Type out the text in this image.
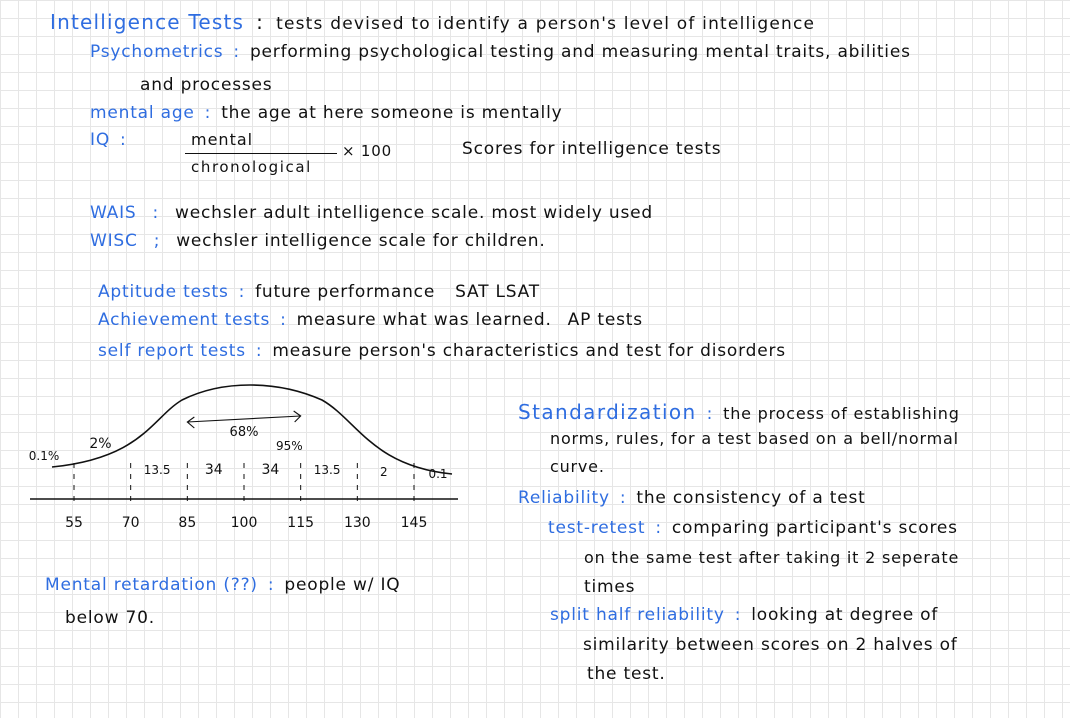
Intelligence Tests : tests devised to identify a person's level of intelligence
Psychometrics : performing psychological testing and measuring mental traits, abilities
and processes
mental age : the age at here someone is mentally
IQ :	mental
chronological
× 100	Scores for intelligence tests
WAIS : wechsler adult intelligence scale. most widely used
WISC ; wechsler intelligence scale for children.
Aptitude tests : future performance SAT LSAT
Achievement tests : measure what was learned. AP tests
self report tests : measure person's characteristics and test for disorders
55	70	85 100 115 130 145
0.1%
2%
13.5 34	34	13.5	2	0.1
68%
95%
Mental retardation (??) : people w/ IQ
below 70.
Standardization : the process of establishing
norms, rules, for a test based on a bell/normal
curve.
Reliability : the consistency of a test
test-retest : comparing participant's scores
on the same test after taking it 2 seperate
times
split half reliability : looking at degree of
similarity between scores on 2 halves of
the test.
